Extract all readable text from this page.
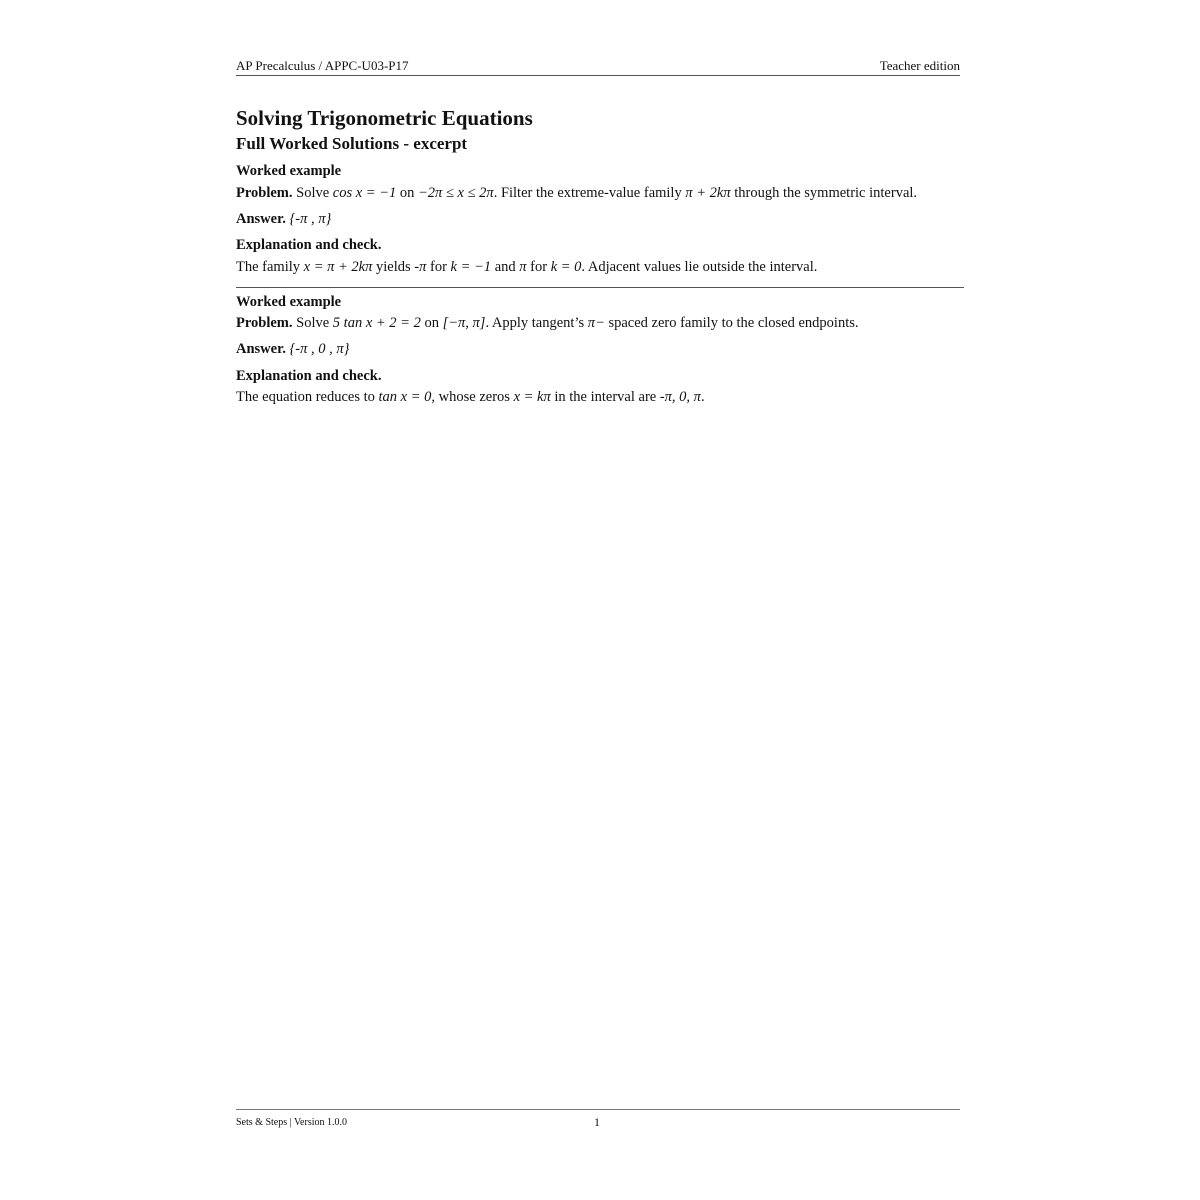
AP Precalculus / APPC-U03-P17	Teacher edition
Solving Trigonometric Equations
Full Worked Solutions - excerpt
Worked example
Problem. Solve cos x = −1 on −2π ≤ x ≤ 2π. Filter the extreme-value family π + 2kπ through the symmetric interval.
Answer. {-π , π}
Explanation and check.
The family x = π + 2kπ yields -π for k = −1 and π for k = 0. Adjacent values lie outside the interval.
Worked example
Problem. Solve 5 tan x + 2 = 2 on [−π, π]. Apply tangent’s π− spaced zero family to the closed endpoints.
Answer. {-π , 0 , π}
Explanation and check.
The equation reduces to tan x = 0, whose zeros x = kπ in the interval are -π, 0, π.
Sets & Steps | Version 1.0.0	1
